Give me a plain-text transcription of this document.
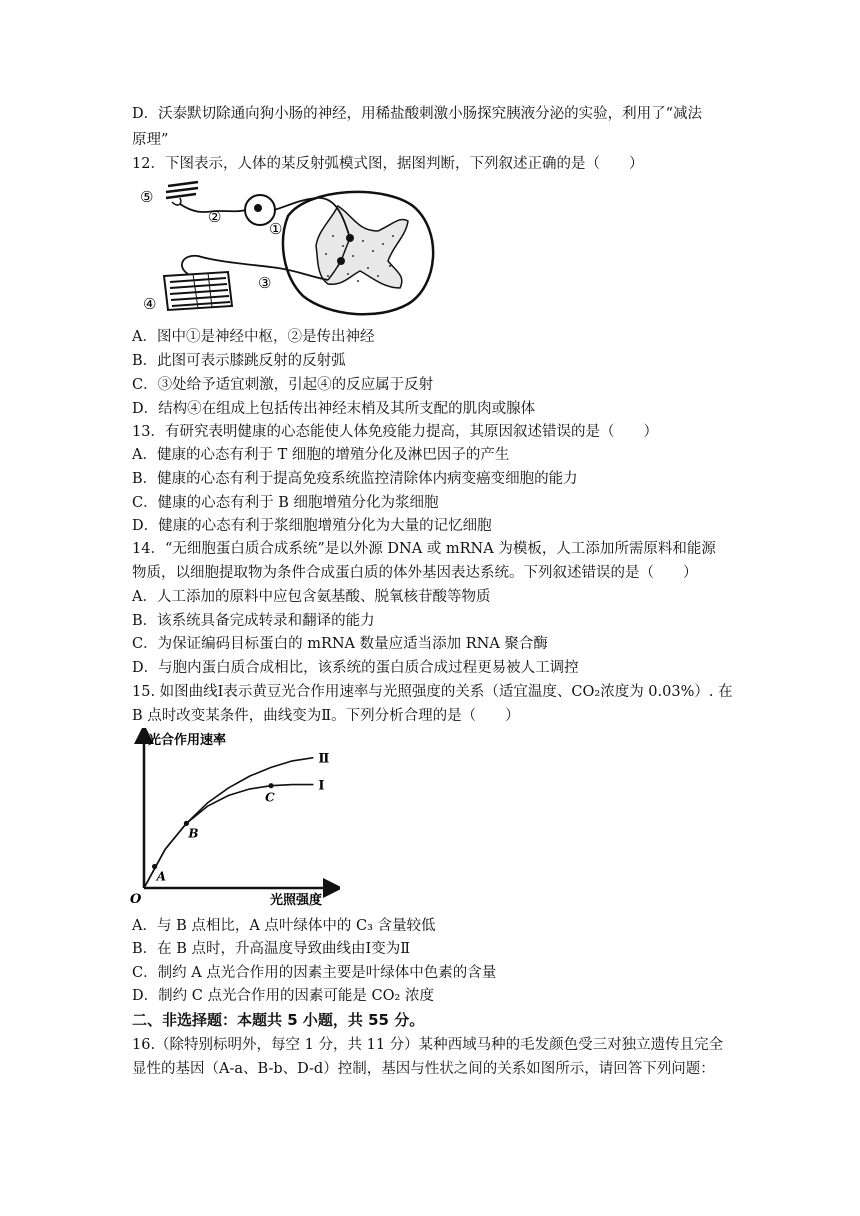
D．沃泰默切除通向狗小肠的神经，用稀盐酸刺激小肠探究胰液分泌的实验，利用了“减法
原理”
12．下图表示，人体的某反射弧模式图，据图判断，下列叙述正确的是（　　）
⑤
②
①
③
④
A．图中①是神经中枢，②是传出神经
B．此图可表示膝跳反射的反射弧
C．③处给予适宜刺激，引起④的反应属于反射
D．结构④在组成上包括传出神经末梢及其所支配的肌肉或腺体
13．有研究表明健康的心态能使人体免疫能力提高，其原因叙述错误的是（　　）
A．健康的心态有利于 T 细胞的增殖分化及淋巴因子的产生
B．健康的心态有利于提高免疫系统监控清除体内病变癌变细胞的能力
C．健康的心态有利于 B 细胞增殖分化为浆细胞
D．健康的心态有利于浆细胞增殖分化为大量的记忆细胞
14．“无细胞蛋白质合成系统”是以外源 DNA 或 mRNA 为模板，人工添加所需原料和能源
物质，以细胞提取物为条件合成蛋白质的体外基因表达系统。下列叙述错误的是（　　）
A．人工添加的原料中应包含氨基酸、脱氧核苷酸等物质
B．该系统具备完成转录和翻译的能力
C．为保证编码目标蛋白的 mRNA 数量应适当添加 RNA 聚合酶
D．与胞内蛋白质合成相比，该系统的蛋白质合成过程更易被人工调控
15. 如图曲线Ⅰ表示黄豆光合作用速率与光照强度的关系（适宜温度、CO₂浓度为 0.03%）. 在
B 点时改变某条件，曲线变为Ⅱ。下列分析合理的是（　　）
光合作用速率
光照强度
O
Ⅰ
Ⅱ
A
B
C
A．与 B 点相比，A 点叶绿体中的 C₃ 含量较低
B．在 B 点时，升高温度导致曲线由Ⅰ变为Ⅱ
C．制约 A 点光合作用的因素主要是叶绿体中色素的含量
D．制约 C 点光合作用的因素可能是 CO₂ 浓度
二、非选择题：本题共 5 小题，共 55 分。
16.（除特别标明外，每空 1 分，共 11 分）某种西域马种的毛发颜色受三对独立遗传且完全
显性的基因（A-a、B-b、D-d）控制，基因与性状之间的关系如图所示，请回答下列问题：
